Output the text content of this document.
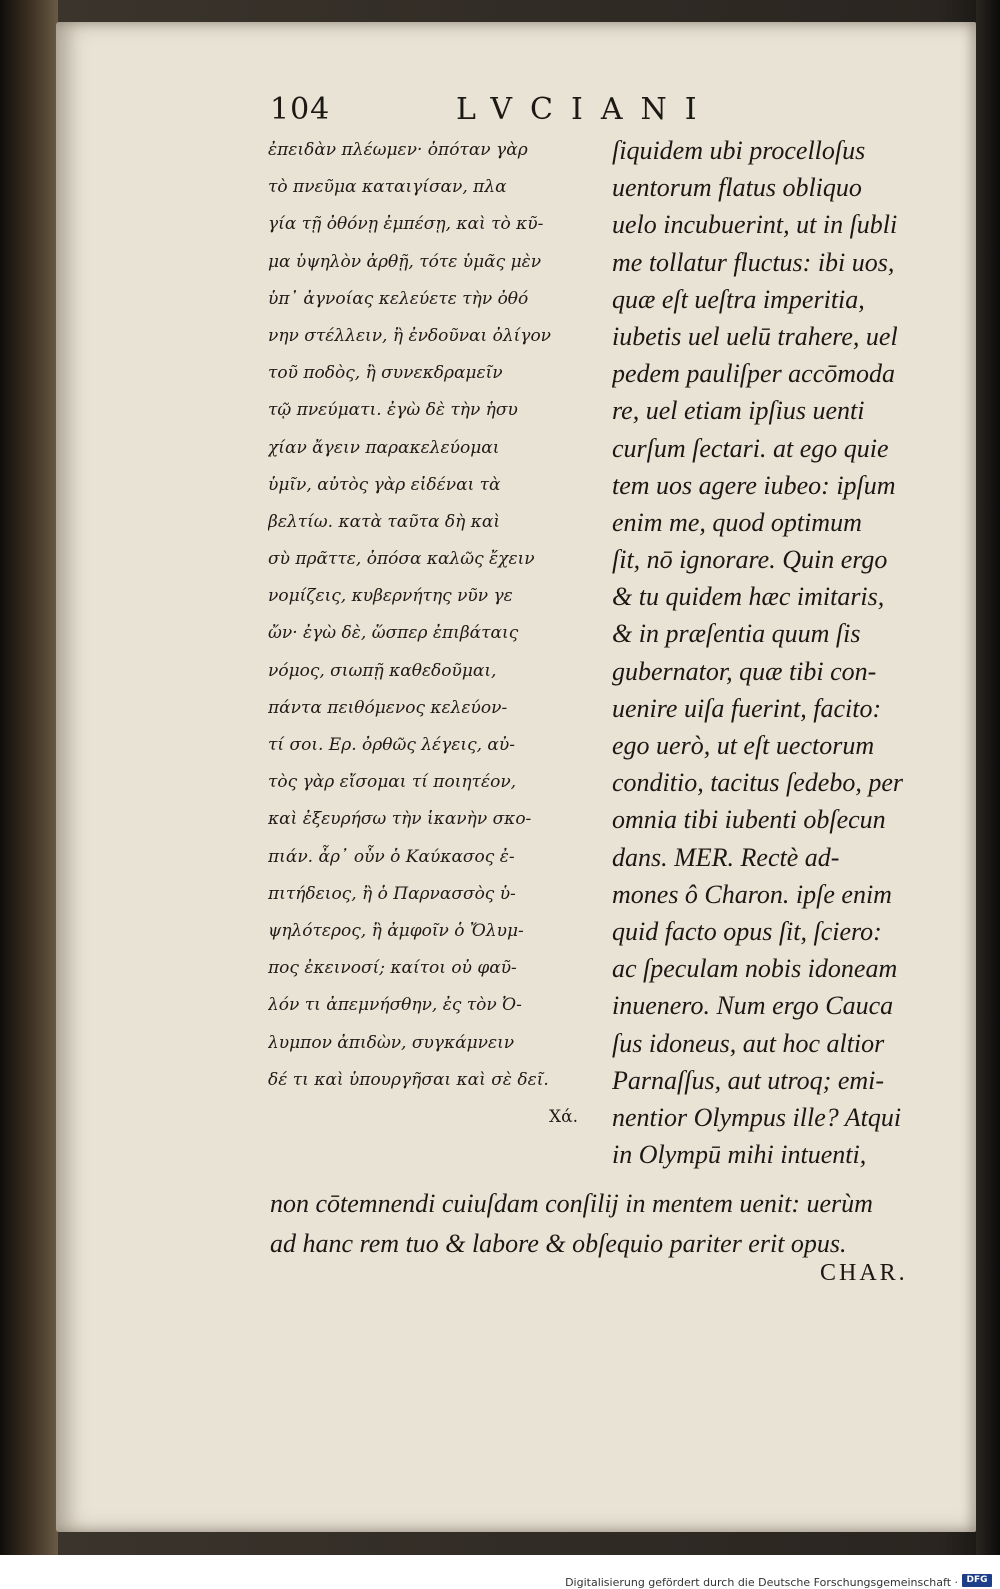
104	LVCIANI
ἐπειδὰν πλέωμεν· ὁπόταν γὰρ
τὸ πνεῦμα καταιγίσαν, πλα
γία τῇ ὀθόνῃ ἐμπέσῃ, καὶ τὸ κῦ-
μα ὑψηλὸν ἀρθῇ, τότε ὑμᾶς μὲν
ὑπ᾽ ἀγνοίας κελεύετε τὴν ὀθό
νην στέλλειν, ἢ ἐνδοῦναι ὀλίγον
τοῦ ποδὸς, ἢ συνεκδραμεῖν
τῷ πνεύματι. ἐγὼ δὲ τὴν ἡσυ
χίαν ἄγειν παρακελεύομαι
ὑμῖν, αὐτὸς γὰρ εἰδέναι τὰ
βελτίω. κατὰ ταῦτα δὴ καὶ
σὺ πρᾶττε, ὁπόσα καλῶς ἔχειν
νομίζεις, κυβερνήτης νῦν γε
ὤν· ἐγὼ δὲ, ὥσπερ ἐπιβάταις
νόμος, σιωπῇ καθεδοῦμαι,
πάντα πειθόμενος κελεύον-
τί σοι. Ερ. ὀρθῶς λέγεις, αὐ-
τὸς γὰρ εἴσομαι τί ποιητέον,
καὶ ἐξευρήσω τὴν ἱκανὴν σκο-
πιάν. ἆρ᾽ οὖν ὁ Καύκασος ἐ-
πιτήδειος, ἢ ὁ Παρνασσὸς ὑ-
ψηλότερος, ἢ ἀμφοῖν ὁ Ὄλυμ-
πος ἐκεινοσί; καίτοι οὐ φαῦ-
λόν τι ἀπεμνήσθην, ἐς τὸν Ὀ-
λυμπον ἀπιδὼν, συγκάμνειν
δέ τι καὶ ὑπουργῆσαι καὶ σὲ δεῖ.
Χά.
ſiquidem ubi procelloſus
uentorum flatus obliquo
uelo incubuerint, ut in ſubli
me tollatur fluctus: ibi uos,
quæ eſt ueſtra imperitia,
iubetis uel uelū trahere, uel
pedem pauliſper accōmoda
re, uel etiam ipſius uenti
curſum ſectari. at ego quie
tem uos agere iubeo: ipſum
enim me, quod optimum
ſit, nō ignorare. Quin ergo
& tu quidem hæc imitaris,
& in præſentia quum ſis
gubernator, quæ tibi con-
uenire uiſa fuerint, facito:
ego uerò, ut eſt uectorum
conditio, tacitus ſedebo, per
omnia tibi iubenti obſecun
dans. MER. Rectè ad-
mones ô Charon. ipſe enim
quid facto opus ſit, ſciero:
ac ſpeculam nobis idoneam
inuenero. Num ergo Cauca
ſus idoneus, aut hoc altior
Parnaſſus, aut utroq; emi-
nentior Olympus ille? Atqui
in Olympū mihi intuenti,
non cōtemnendi cuiuſdam conſilij in mentem uenit: uerùm
ad hanc rem tuo & labore & obſequio pariter erit opus.
CHAR.
Digitalisierung gefördert durch die Deutsche Forschungsgemeinschaft · DFG
